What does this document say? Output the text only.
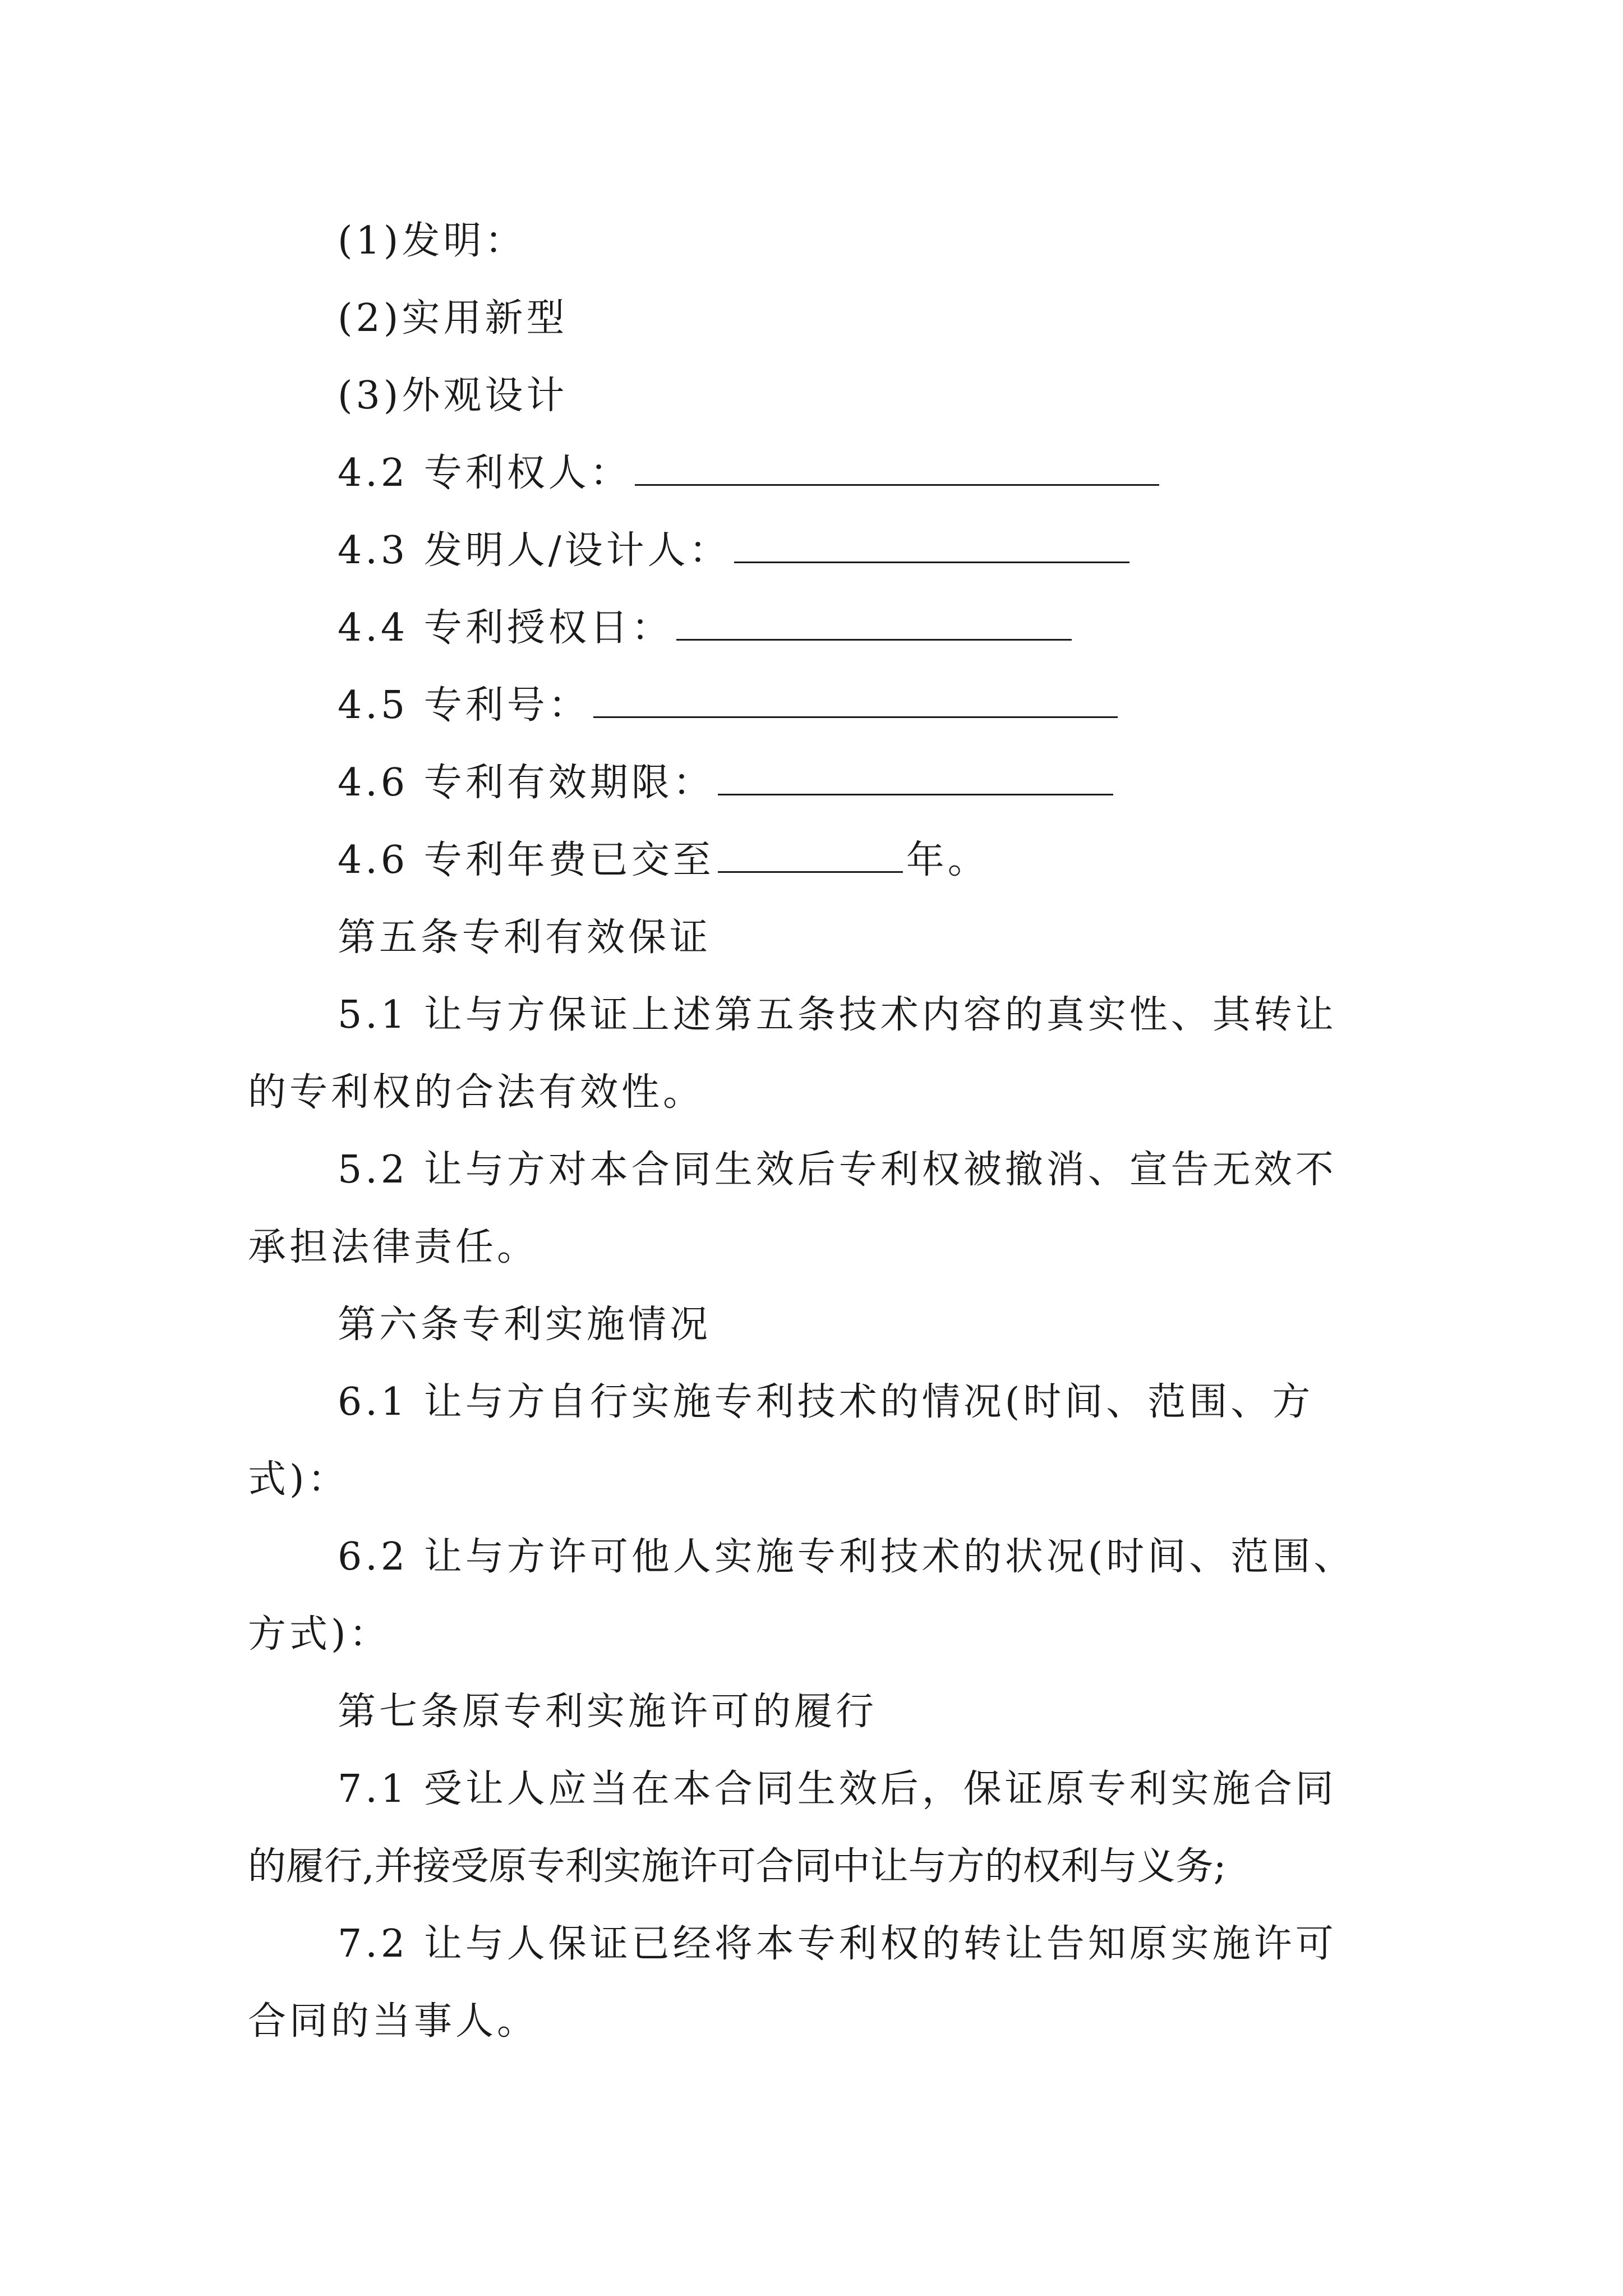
(1)发明：
(2)实用新型
(3)外观设计
4.2 专利权人：
4.3 发明人/设计人：
4.4 专利授权日：
4.5 专利号：
4.6 专利有效期限：
4.6 专利年费已交至	年。
第五条专利有效保证
5.1 让与方保证上述第五条技术内容的真实性、其转让
的专利权的合法有效性。
5.2 让与方对本合同生效后专利权被撤消、宣告无效不
承担法律责任。
第六条专利实施情况
6.1 让与方自行实施专利技术的情况(时间、范围、方
式)：
6.2 让与方许可他人实施专利技术的状况(时间、范围、
方式)：
第七条原专利实施许可的履行
7.1 受让人应当在本合同生效后，保证原专利实施合同
的履行,并接受原专利实施许可合同中让与方的权利与义务;
7.2 让与人保证已经将本专利权的转让告知原实施许可
合同的当事人。
